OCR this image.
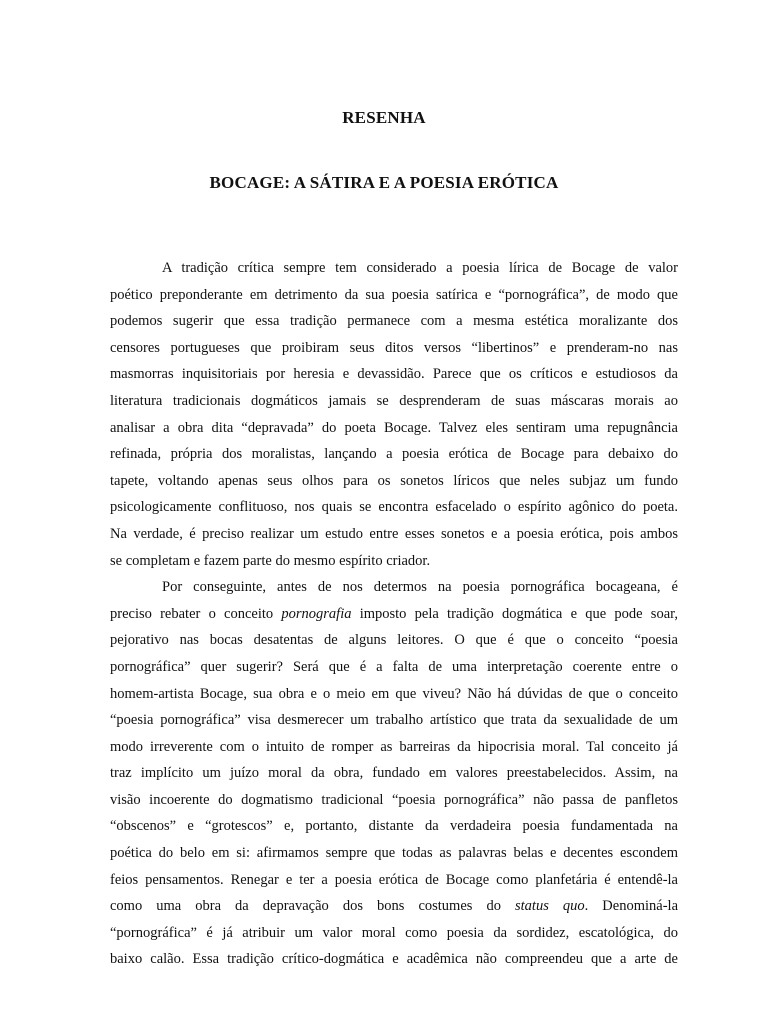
RESENHA
BOCAGE: A SÁTIRA E A POESIA ERÓTICA

A tradição crítica sempre tem considerado a poesia lírica de Bocage de valor
poético preponderante em detrimento da sua poesia satírica e “pornográfica”, de modo que
podemos sugerir que essa tradição permanece com a mesma estética moralizante dos
censores portugueses que proibiram seus ditos versos “libertinos” e prenderam-no nas
masmorras inquisitoriais por heresia e devassidão. Parece que os críticos e estudiosos da
literatura tradicionais dogmáticos jamais se desprenderam de suas máscaras morais ao
analisar a obra dita “depravada” do poeta Bocage. Talvez eles sentiram uma repugnância
refinada, própria dos moralistas, lançando a poesia erótica de Bocage para debaixo do
tapete, voltando apenas seus olhos para os sonetos líricos que neles subjaz um fundo
psicologicamente conflituoso, nos quais se encontra esfacelado o espírito agônico do poeta.
Na verdade, é preciso realizar um estudo entre esses sonetos e a poesia erótica, pois ambos
se completam e fazem parte do mesmo espírito criador.

Por conseguinte, antes de nos determos na poesia pornográfica bocageana, é
preciso rebater o conceito pornografia imposto pela tradição dogmática e que pode soar,
pejorativo nas bocas desatentas de alguns leitores. O que é que o conceito “poesia
pornográfica” quer sugerir? Será que é a falta de uma interpretação coerente entre o
homem-artista Bocage, sua obra e o meio em que viveu? Não há dúvidas de que o conceito
“poesia pornográfica” visa desmerecer um trabalho artístico que trata da sexualidade de um
modo irreverente com o intuito de romper as barreiras da hipocrisia moral. Tal conceito já
traz implícito um juízo moral da obra, fundado em valores preestabelecidos. Assim, na
visão incoerente do dogmatismo tradicional “poesia pornográfica” não passa de panfletos
“obscenos” e “grotescos” e, portanto, distante da verdadeira poesia fundamentada na
poética do belo em si: afirmamos sempre que todas as palavras belas e decentes escondem
feios pensamentos. Renegar e ter a poesia erótica de Bocage como planfetária é entendê-la
como uma obra da depravação dos bons costumes do status quo. Denominá-la
“pornográfica” é já atribuir um valor moral como poesia da sordidez, escatológica, do
baixo calão. Essa tradição crítico-dogmática e acadêmica não compreendeu que a arte de
